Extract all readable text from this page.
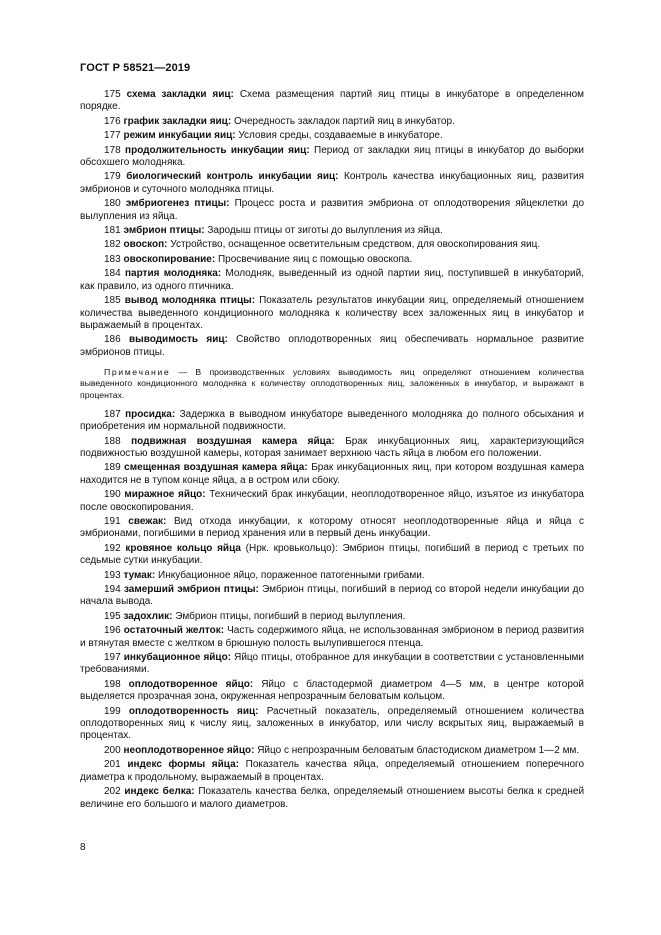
ГОСТ Р 58521—2019

175 схема закладки яиц: Схема размещения партий яиц птицы в инкубаторе в определенном порядке.

176 график закладки яиц: Очередность закладок партий яиц в инкубатор.

177 режим инкубации яиц: Условия среды, создаваемые в инкубаторе.

178 продолжительность инкубации яиц: Период от закладки яиц птицы в инкубатор до выборки обсохшего молодняка.

179 биологический контроль инкубации яиц: Контроль качества инкубационных яиц, развития эмбрионов и суточного молодняка птицы.

180 эмбриогенез птицы: Процесс роста и развития эмбриона от оплодотворения яйцеклетки до вылупления из яйца.

181 эмбрион птицы: Зародыш птицы от зиготы до вылупления из яйца.

182 овоскоп: Устройство, оснащенное осветительным средством, для овоскопирования яиц.

183 овоскопирование: Просвечивание яиц с помощью овоскопа.

184 партия молодняка: Молодняк, выведенный из одной партии яиц, поступившей в инкубаторий, как правило, из одного птичника.

185 вывод молодняка птицы: Показатель результатов инкубации яиц, определяемый отношением количества выведенного кондиционного молодняка к количеству всех заложенных яиц в инкубатор и выражаемый в процентах.

186 выводимость яиц: Свойство оплодотворенных яиц обеспечивать нормальное развитие эмбрионов птицы.

Примечание — В производственных условиях выводимость яиц определяют отношением количества выведенного кондиционного молодняка к количеству оплодотворенных яиц, заложенных в инкубатор, и выражают в процентах.

187 просидка: Задержка в выводном инкубаторе выведенного молодняка до полного обсыхания и приобретения им нормальной подвижности.

188 подвижная воздушная камера яйца: Брак инкубационных яиц, характеризующийся подвижностью воздушной камеры, которая занимает верхнюю часть яйца в любом его положении.

189 смещенная воздушная камера яйца: Брак инкубационных яиц, при котором воздушная камера находится не в тупом конце яйца, а в остром или сбоку.

190 миражное яйцо: Технический брак инкубации, неоплодотворенное яйцо, изъятое из инкубатора после овоскопирования.

191 свежак: Вид отхода инкубации, к которому относят неоплодотворенные яйца и яйца с эмбрионами, погибшими в период хранения или в первый день инкубации.

192 кровяное кольцо яйца (Нрк. кровькольцо): Эмбрион птицы, погибший в период с третьих по седьмые сутки инкубации.

193 тумак: Инкубационное яйцо, пораженное патогенными грибами.

194 замерший эмбрион птицы: Эмбрион птицы, погибший в период со второй недели инкубации до начала вывода.

195 задохлик: Эмбрион птицы, погибший в период вылупления.

196 остаточный желток: Часть содержимого яйца, не использованная эмбрионом в период развития и втянутая вместе с желтком в брюшную полость вылупившегося птенца.

197 инкубационное яйцо: Яйцо птицы, отобранное для инкубации в соответствии с установленными требованиями.

198 оплодотворенное яйцо: Яйцо с бластодермой диаметром 4—5 мм, в центре которой выделяется прозрачная зона, окруженная непрозрачным беловатым кольцом.

199 оплодотворенность яиц: Расчетный показатель, определяемый отношением количества оплодотворенных яиц к числу яиц, заложенных в инкубатор, или числу вскрытых яиц, выражаемый в процентах.

200 неоплодотворенное яйцо: Яйцо с непрозрачным беловатым бластодиском диаметром 1—2 мм.

201 индекс формы яйца: Показатель качества яйца, определяемый отношением поперечного диаметра к продольному, выражаемый в процентах.

202 индекс белка: Показатель качества белка, определяемый отношением высоты белка к средней величине его большого и малого диаметров.

8
